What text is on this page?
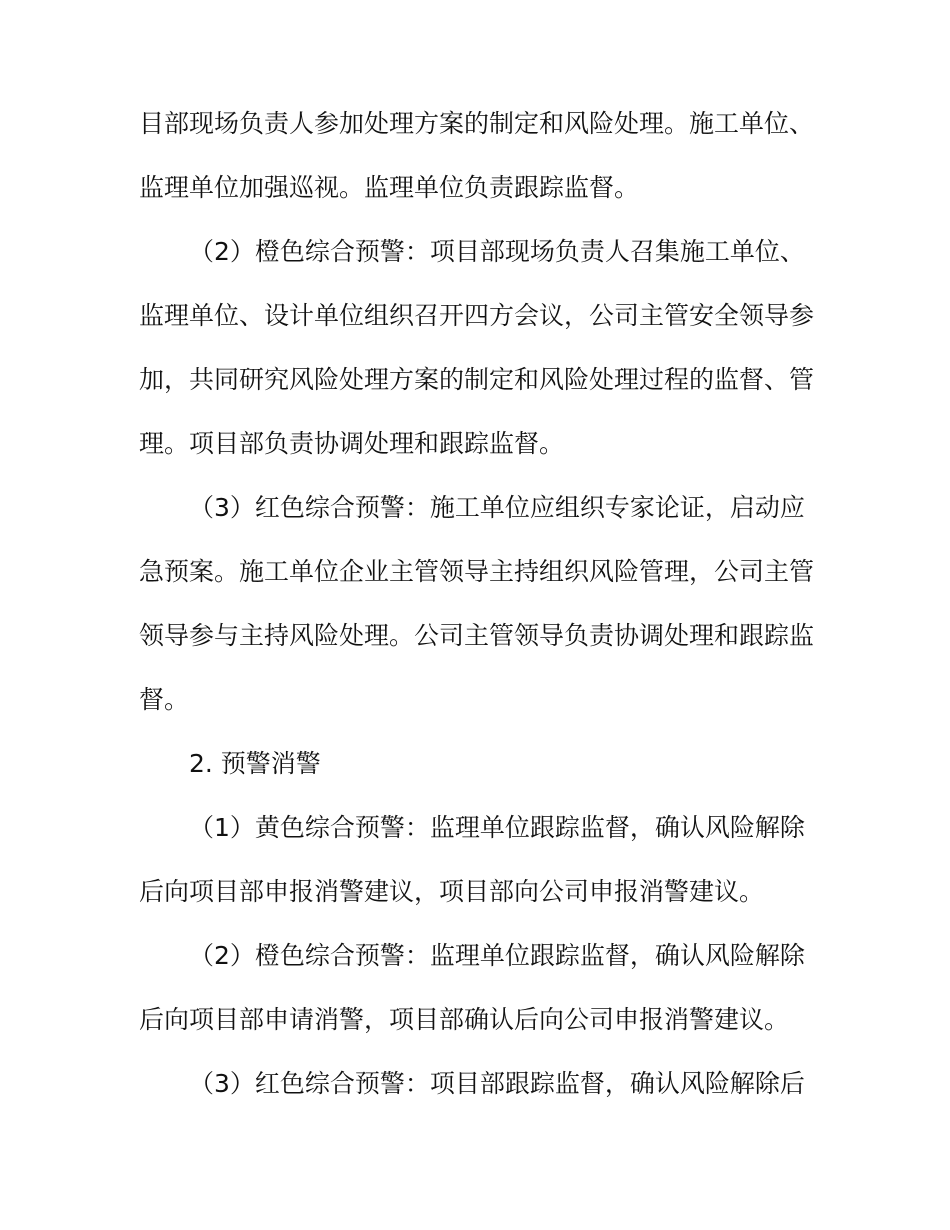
目部现场负责人参加处理方案的制定和风险处理。施工单位、
监理单位加强巡视。监理单位负责跟踪监督。
（2）橙色综合预警：项目部现场负责人召集施工单位、
监理单位、设计单位组织召开四方会议，公司主管安全领导参
加，共同研究风险处理方案的制定和风险处理过程的监督、管
理。项目部负责协调处理和跟踪监督。
（3）红色综合预警：施工单位应组织专家论证，启动应
急预案。施工单位企业主管领导主持组织风险管理，公司主管
领导参与主持风险处理。公司主管领导负责协调处理和跟踪监
督。
2. 预警消警
（1）黄色综合预警：监理单位跟踪监督，确认风险解除
后向项目部申报消警建议，项目部向公司申报消警建议。
（2）橙色综合预警：监理单位跟踪监督，确认风险解除
后向项目部申请消警，项目部确认后向公司申报消警建议。
（3）红色综合预警：项目部跟踪监督，确认风险解除后
